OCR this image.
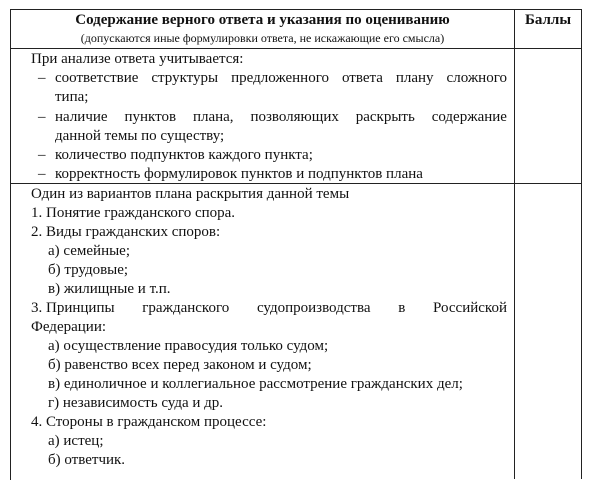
Содержание верного ответа и указания по оцениванию
(допускаются иные формулировки ответа, не искажающие его смысла)
Баллы
При анализе ответа учитывается:
– соответствие структуры предложенного ответа плану сложного
типа;
– наличие пунктов плана, позволяющих раскрыть содержание
данной темы по существу;
– количество подпунктов каждого пункта;
– корректность формулировок пунктов и подпунктов плана
Один из вариантов плана раскрытия данной темы
1. Понятие гражданского спора.
2. Виды гражданских споров:
а) семейные;
б) трудовые;
в) жилищные и т.п.
3. Принципы гражданского судопроизводства в Российской
Федерации:
а) осуществление правосудия только судом;
б) равенство всех перед законом и судом;
в) единоличное и коллегиальное рассмотрение гражданских дел;
г) независимость суда и др.
4. Стороны в гражданском процессе:
а) истец;
б) ответчик.
